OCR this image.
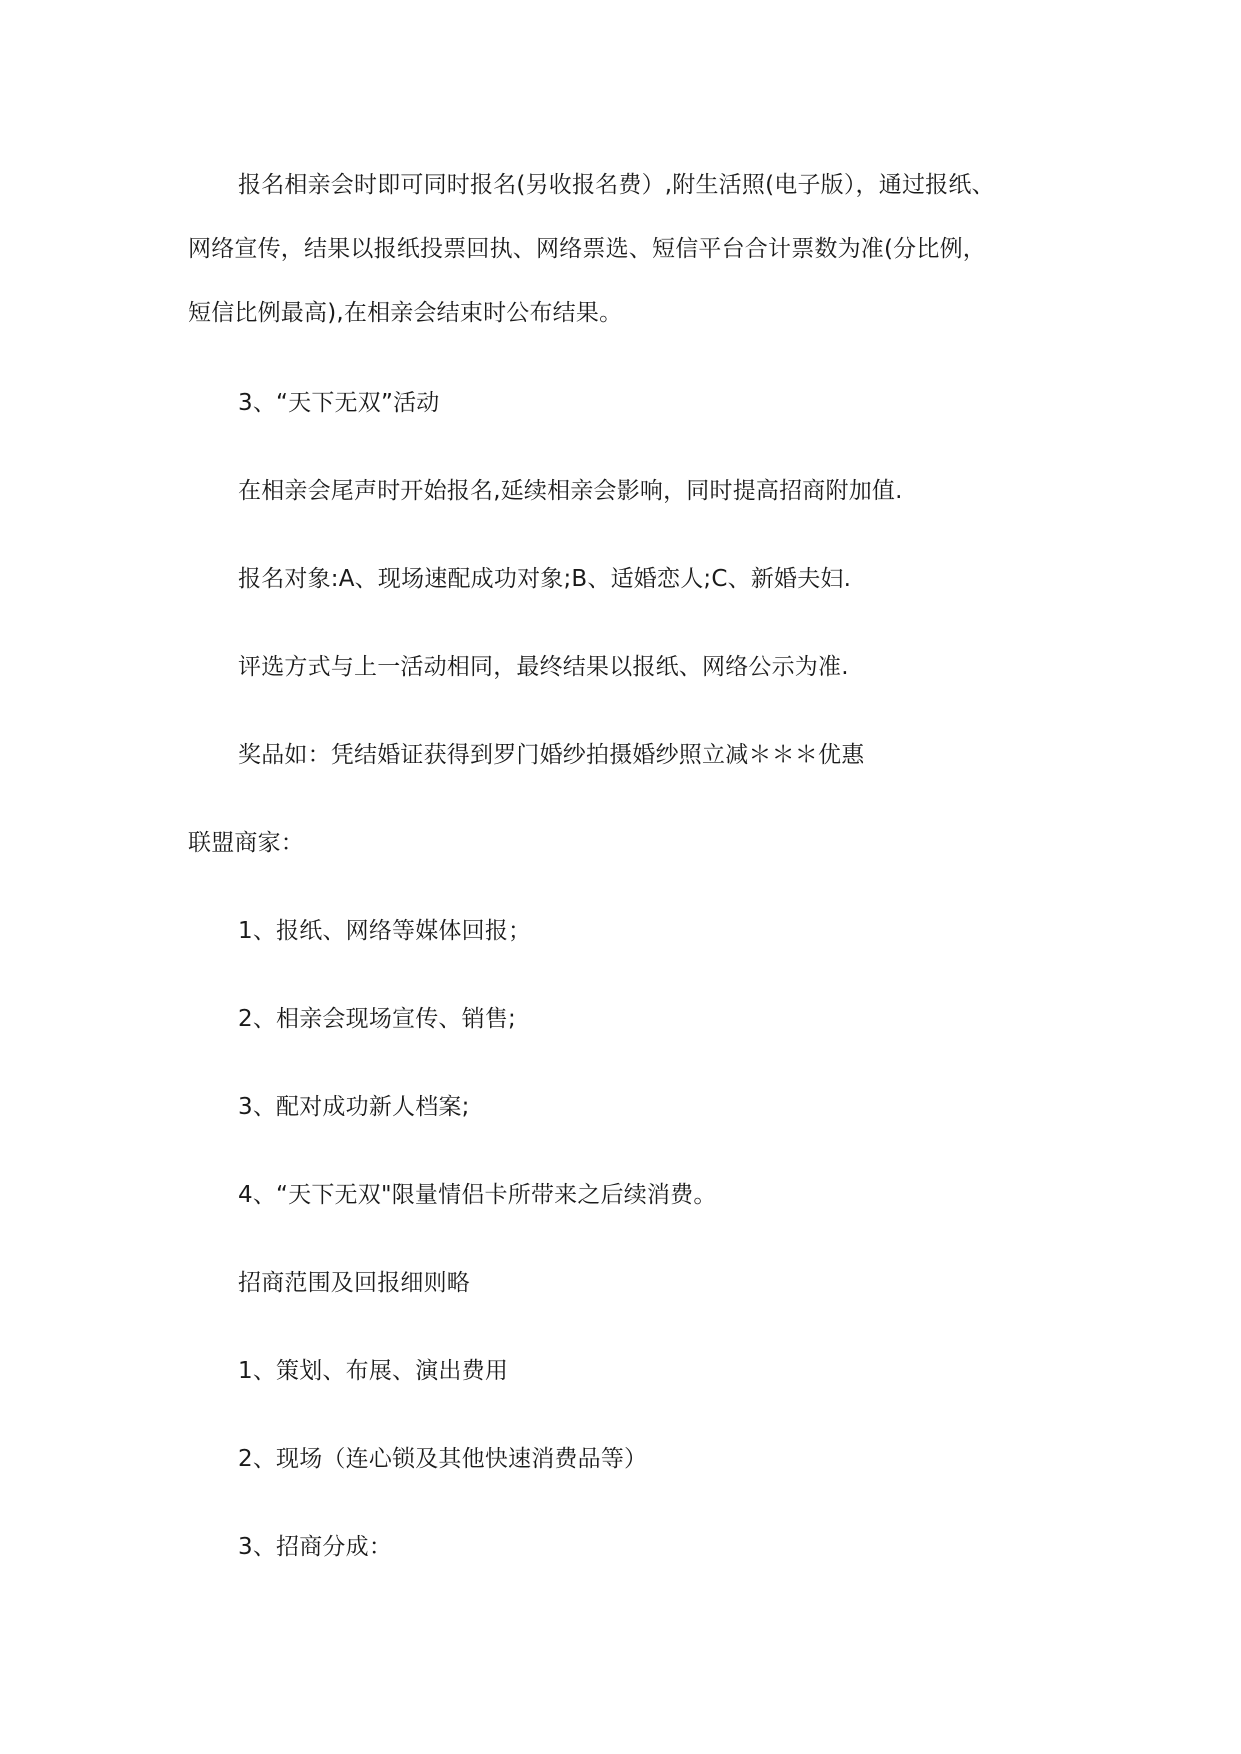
报名相亲会时即可同时报名(另收报名费）,附生活照(电子版），通过报纸、
网络宣传，结果以报纸投票回执、网络票选、短信平台合计票数为准(分比例，
短信比例最高),在相亲会结束时公布结果。
3、“天下无双”活动
在相亲会尾声时开始报名,延续相亲会影响，同时提高招商附加值.
报名对象:A、现场速配成功对象;B、适婚恋人;C、新婚夫妇.
评选方式与上一活动相同，最终结果以报纸、网络公示为准.
奖品如：凭结婚证获得到罗门婚纱拍摄婚纱照立减＊＊＊优惠
联盟商家：
1、报纸、网络等媒体回报；
2、相亲会现场宣传、销售;
3、配对成功新人档案;
4、“天下无双"限量情侣卡所带来之后续消费。
招商范围及回报细则略
1、策划、布展、演出费用
2、现场（连心锁及其他快速消费品等）
3、招商分成：
